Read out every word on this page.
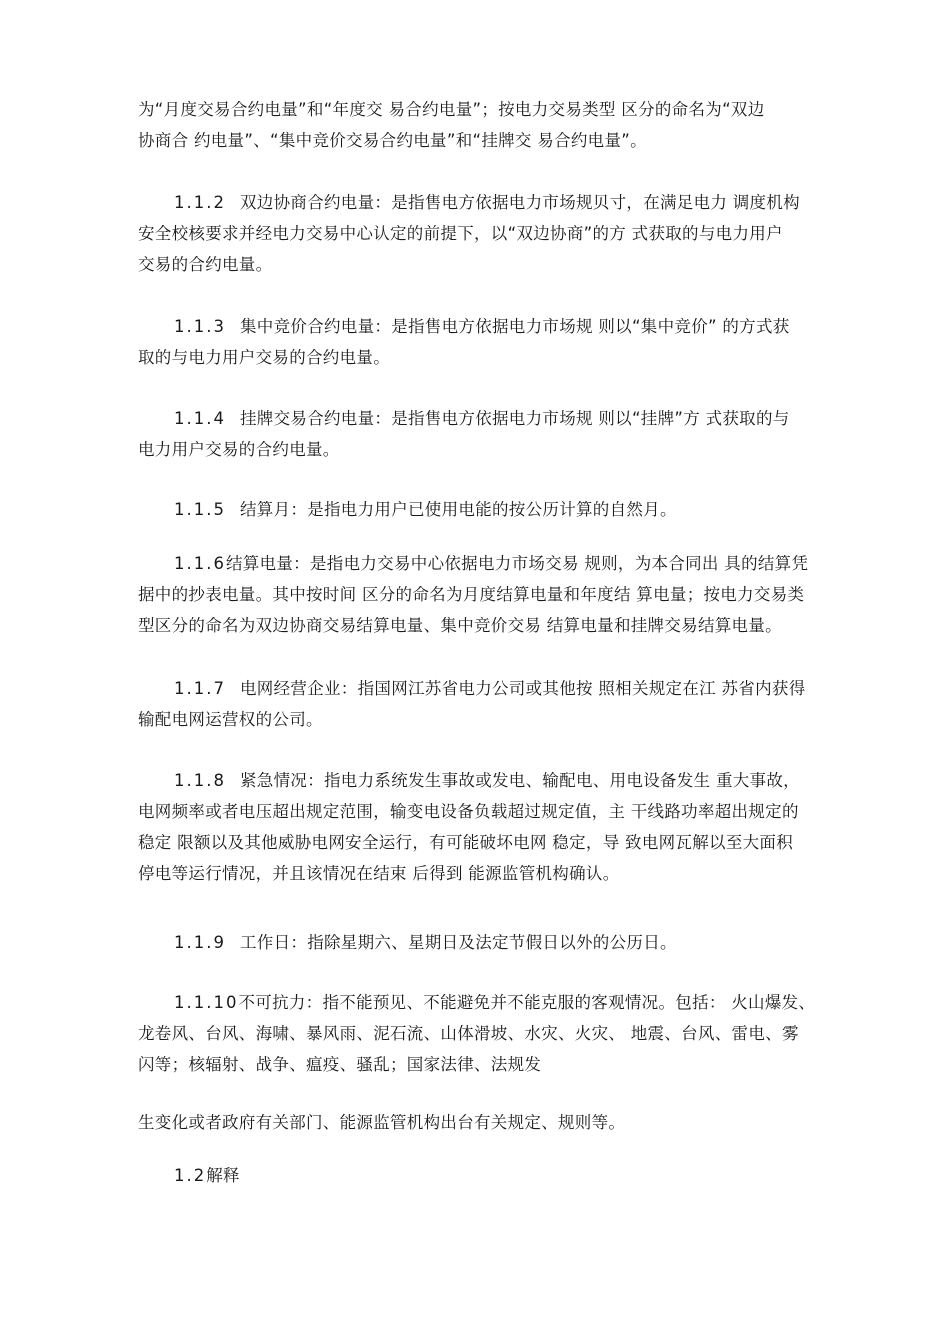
为“月度交易合约电量”和“年度交 易合约电量”；按电力交易类型 区分的命名为“双边
协商合 约电量”、“集中竞价交易合约电量”和“挂牌交 易合约电量”。

1.1.2 双边协商合约电量：是指售电方依据电力市场规贝寸，在满足电力 调度机构
安全校核要求并经电力交易中心认定的前提下，以“双边协商”的方 式获取的与电力用户
交易的合约电量。

1.1.3 集中竞价合约电量：是指售电方依据电力市场规 则以“集中竞价” 的方式获
取的与电力用户交易的合约电量。

1.1.4 挂牌交易合约电量：是指售电方依据电力市场规 则以“挂牌”方 式获取的与
电力用户交易的合约电量。

1.1.5 结算月：是指电力用户已使用电能的按公历计算的自然月。

1.1.6结算电量：是指电力交易中心依据电力市场交易 规则，为本合同出 具的结算凭
据中的抄表电量。其中按时间 区分的命名为月度结算电量和年度结 算电量；按电力交易类
型区分的命名为双边协商交易结算电量、集中竞价交易 结算电量和挂牌交易结算电量。

1.1.7 电网经营企业：指国网江苏省电力公司或其他按 照相关规定在江 苏省内获得
输配电网运营权的公司。

1.1.8 紧急情况：指电力系统发生事故或发电、输配电、用电设备发生 重大事故，
电网频率或者电压超出规定范围，输变电设备负载超过规定值，主 干线路功率超出规定的
稳定 限额以及其他威胁电网安全运行，有可能破坏电网 稳定，导 致电网瓦解以至大面积
停电等运行情况，并且该情况在结束 后得到 能源监管机构确认。

1.1.9 工作日：指除星期六、星期日及法定节假日以外的公历日。

1.1.10不可抗力：指不能预见、不能避免并不能克服的客观情况。包括： 火山爆发、
龙卷风、台风、海啸、暴风雨、泥石流、山体滑坡、水灾、火灾、 地震、台风、雷电、雾
闪等；核辐射、战争、瘟疫、骚乱；国家法律、法规发

生变化或者政府有关部门、能源监管机构出台有关规定、规则等。

1.2解释
